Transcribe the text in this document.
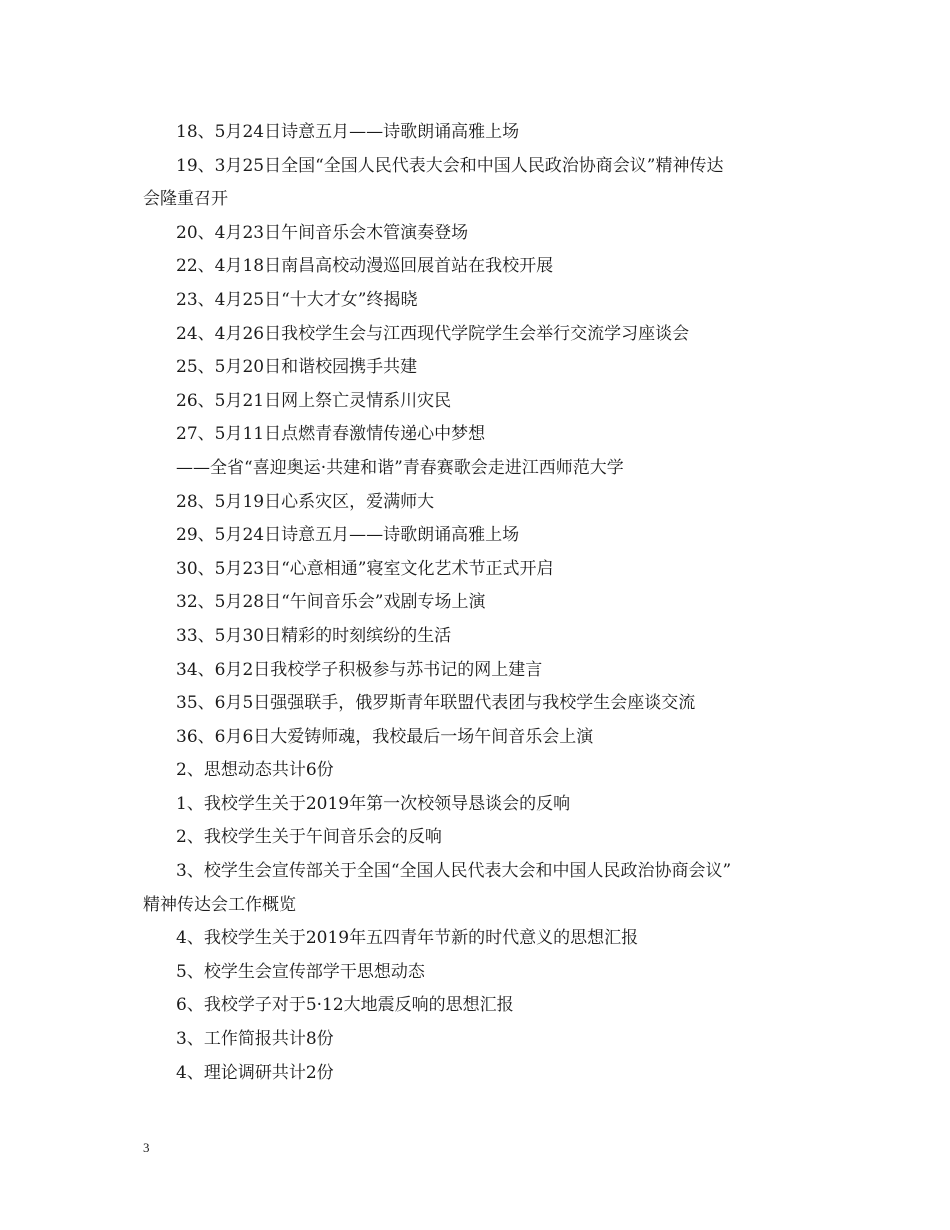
18、5月24日诗意五月——诗歌朗诵高雅上场
19、3月25日全国“全国人民代表大会和中国人民政治协商会议”精神传达
会隆重召开
20、4月23日午间音乐会木管演奏登场
22、4月18日南昌高校动漫巡回展首站在我校开展
23、4月25日“十大才女”终揭晓
24、4月26日我校学生会与江西现代学院学生会举行交流学习座谈会
25、5月20日和谐校园携手共建
26、5月21日网上祭亡灵情系川灾民
27、5月11日点燃青春激情传递心中梦想
——全省“喜迎奥运·共建和谐”青春赛歌会走进江西师范大学
28、5月19日心系灾区，爱满师大
29、5月24日诗意五月——诗歌朗诵高雅上场
30、5月23日“心意相通”寝室文化艺术节正式开启
32、5月28日“午间音乐会”戏剧专场上演
33、5月30日精彩的时刻缤纷的生活
34、6月2日我校学子积极参与苏书记的网上建言
35、6月5日强强联手，俄罗斯青年联盟代表团与我校学生会座谈交流
36、6月6日大爱铸师魂，我校最后一场午间音乐会上演
2、思想动态共计6份
1、我校学生关于2019年第一次校领导恳谈会的反响
2、我校学生关于午间音乐会的反响
3、校学生会宣传部关于全国“全国人民代表大会和中国人民政治协商会议”
精神传达会工作概览
4、我校学生关于2019年五四青年节新的时代意义的思想汇报
5、校学生会宣传部学干思想动态
6、我校学子对于5·12大地震反响的思想汇报
3、工作简报共计8份
4、理论调研共计2份
3
